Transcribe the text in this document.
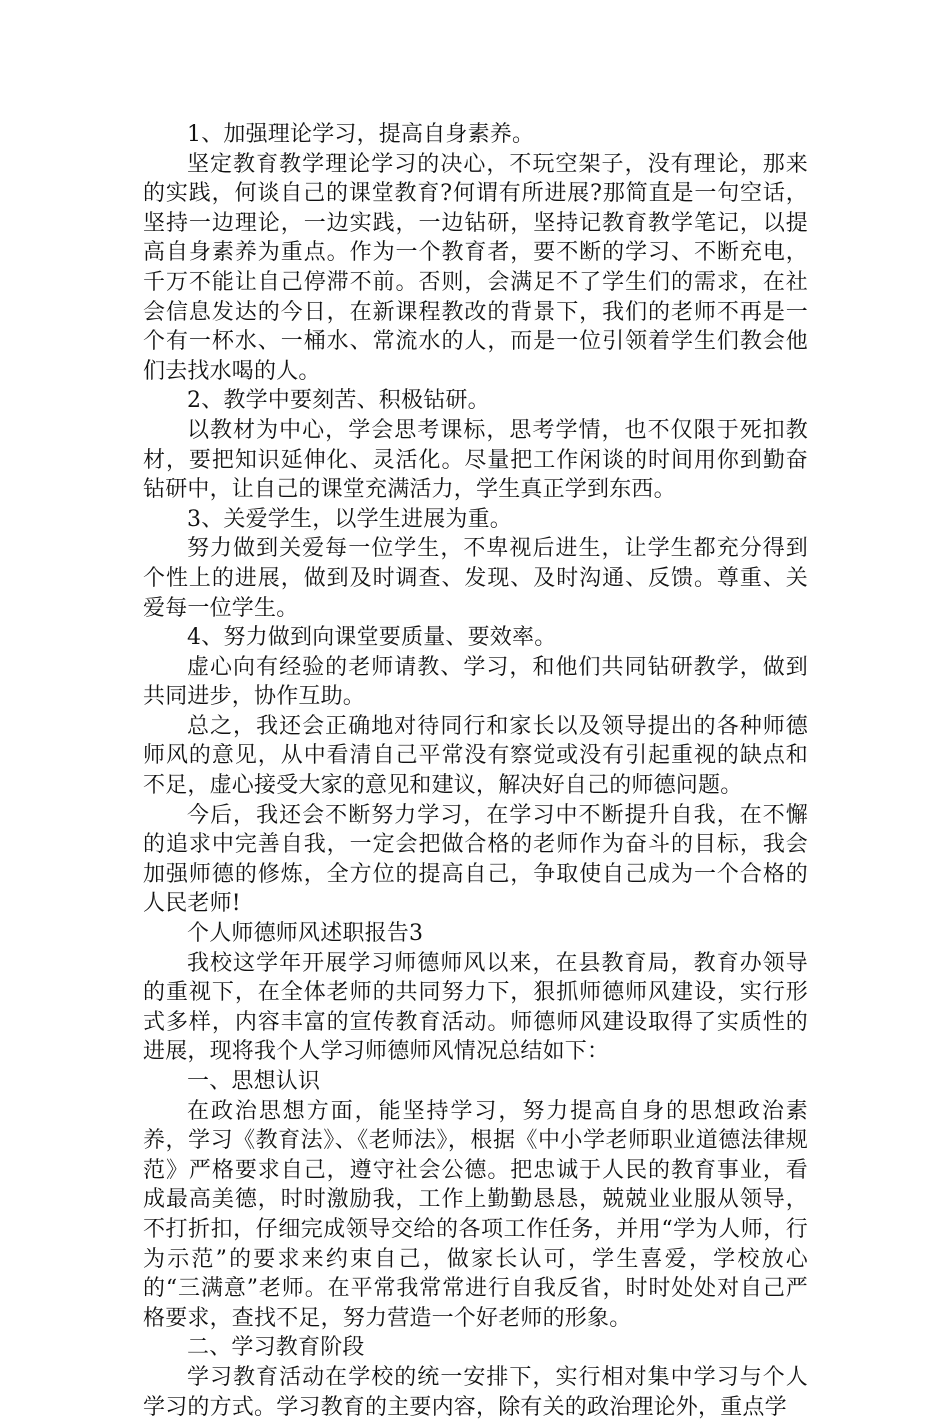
1、加强理论学习，提高自身素养。

坚定教育教学理论学习的决心，不玩空架子，没有理论，那来的实践，何谈自己的课堂教育?何谓有所进展?那简直是一句空话，坚持一边理论，一边实践，一边钻研，坚持记教育教学笔记，以提高自身素养为重点。作为一个教育者，要不断的学习、不断充电，千万不能让自己停滞不前。否则，会满足不了学生们的需求，在社会信息发达的今日，在新课程教改的背景下，我们的老师不再是一个有一杯水、一桶水、常流水的人，而是一位引领着学生们教会他们去找水喝的人。

2、教学中要刻苦、积极钻研。

以教材为中心，学会思考课标，思考学情，也不仅限于死扣教材，要把知识延伸化、灵活化。尽量把工作闲谈的时间用你到勤奋钻研中，让自己的课堂充满活力，学生真正学到东西。

3、关爱学生，以学生进展为重。

努力做到关爱每一位学生，不卑视后进生，让学生都充分得到个性上的进展，做到及时调查、发现、及时沟通、反馈。尊重、关爱每一位学生。

4、努力做到向课堂要质量、要效率。

虚心向有经验的老师请教、学习，和他们共同钻研教学，做到共同进步，协作互助。

总之，我还会正确地对待同行和家长以及领导提出的各种师德师风的意见，从中看清自己平常没有察觉或没有引起重视的缺点和不足，虚心接受大家的意见和建议，解决好自己的师德问题。

今后，我还会不断努力学习，在学习中不断提升自我，在不懈的追求中完善自我，一定会把做合格的老师作为奋斗的目标，我会加强师德的修炼，全方位的提高自己，争取使自己成为一个合格的人民老师!

个人师德师风述职报告3

我校这学年开展学习师德师风以来，在县教育局，教育办领导的重视下，在全体老师的共同努力下，狠抓师德师风建设，实行形式多样，内容丰富的宣传教育活动。师德师风建设取得了实质性的进展，现将我个人学习师德师风情况总结如下：

一、思想认识

在政治思想方面，能坚持学习，努力提高自身的思想政治素养，学习《教育法》、《老师法》，根据《中小学老师职业道德法律规范》严格要求自己，遵守社会公德。把忠诚于人民的教育事业，看成最高美德，时时激励我，工作上勤勤恳恳，兢兢业业服从领导，不打折扣，仔细完成领导交给的各项工作任务，并用“学为人师，行为示范”的要求来约束自己，做家长认可，学生喜爱，学校放心的“三满意”老师。在平常我常常进行自我反省，时时处处对自己严格要求，查找不足，努力营造一个好老师的形象。

二、学习教育阶段

学习教育活动在学校的统一安排下，实行相对集中学习与个人学习的方式。学习教育的主要内容，除有关的政治理论外，重点学
